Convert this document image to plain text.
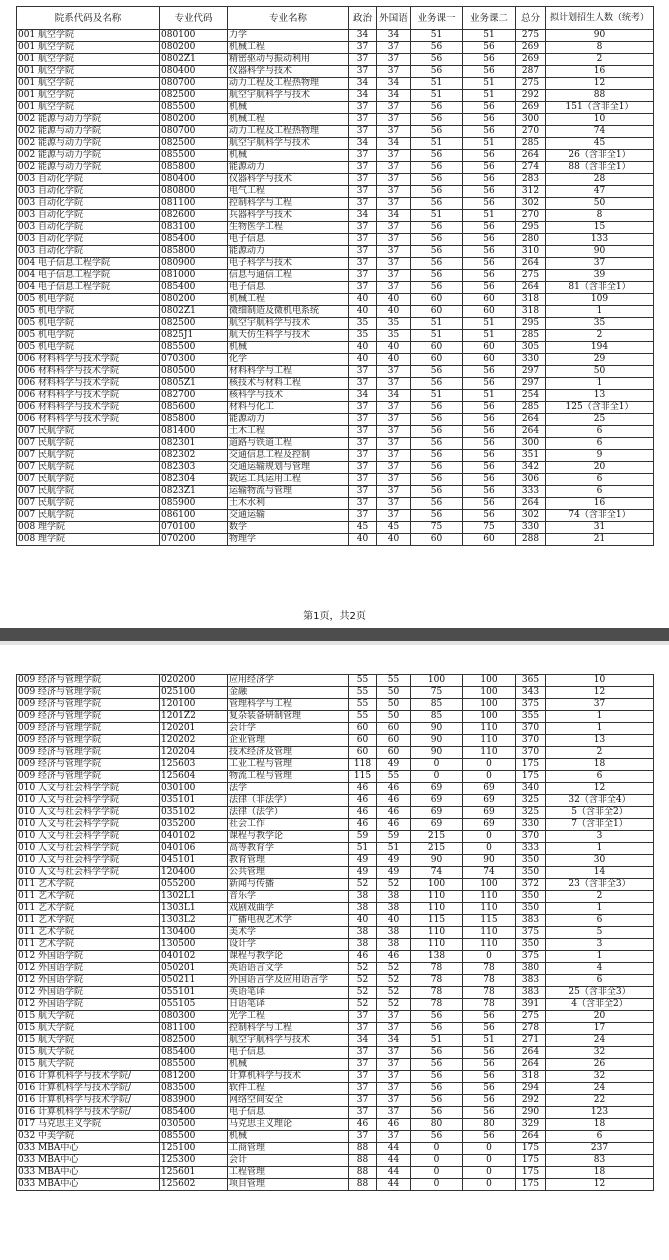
院系代码及名称	专业代码	专业名称	政治	外国语	业务课一	业务课二	总分	拟计划招生人数（统考）
001 航空学院	080100	力学	34	34	51	51	275	90
001 航空学院	080200	机械工程	37	37	56	56	269	8
001 航空学院	0802Z1	精密驱动与振动利用	37	37	56	56	269	2
001 航空学院	080400	仪器科学与技术	37	37	56	56	287	16
001 航空学院	080700	动力工程及工程热物理	34	34	51	51	275	12
001 航空学院	082500	航空宇航科学与技术	34	34	51	51	292	88
001 航空学院	085500	机械	37	37	56	56	269	151（含非全1）
002 能源与动力学院	080200	机械工程	37	37	56	56	300	10
002 能源与动力学院	080700	动力工程及工程热物理	37	37	56	56	270	74
002 能源与动力学院	082500	航空宇航科学与技术	34	34	51	51	285	45
002 能源与动力学院	085500	机械	37	37	56	56	264	26（含非全1）
002 能源与动力学院	085800	能源动力	37	37	56	56	274	88（含非全1）
003 自动化学院	080400	仪器科学与技术	37	37	56	56	283	28
003 自动化学院	080800	电气工程	37	37	56	56	312	47
003 自动化学院	081100	控制科学与工程	37	37	56	56	302	50
003 自动化学院	082600	兵器科学与技术	34	34	51	51	270	8
003 自动化学院	083100	生物医学工程	37	37	56	56	295	15
003 自动化学院	085400	电子信息	37	37	56	56	280	133
003 自动化学院	085800	能源动力	37	37	56	56	310	90
004 电子信息工程学院	080900	电子科学与技术	37	37	56	56	264	37
004 电子信息工程学院	081000	信息与通信工程	37	37	56	56	275	39
004 电子信息工程学院	085400	电子信息	37	37	56	56	264	81（含非全1）
005 机电学院	080200	机械工程	40	40	60	60	318	109
005 机电学院	0802Z1	微细制造及微机电系统	40	40	60	60	318	1
005 机电学院	082500	航空宇航科学与技术	35	35	51	51	295	35
005 机电学院	0825J1	航天仿生科学与技术	35	35	51	51	285	2
005 机电学院	085500	机械	40	40	60	60	305	194
006 材料科学与技术学院	070300	化学	40	40	60	60	330	29
006 材料科学与技术学院	080500	材料科学与工程	37	37	56	56	297	50
006 材料科学与技术学院	0805Z1	核技术与材料工程	37	37	56	56	297	1
006 材料科学与技术学院	082700	核科学与技术	34	34	51	51	254	13
006 材料科学与技术学院	085600	材料与化工	37	37	56	56	285	125（含非全1）
006 材料科学与技术学院	085800	能源动力	37	37	56	56	264	25
007 民航学院	081400	土木工程	37	37	56	56	264	6
007 民航学院	082301	道路与铁道工程	37	37	56	56	300	6
007 民航学院	082302	交通信息工程及控制	37	37	56	56	351	9
007 民航学院	082303	交通运输规划与管理	37	37	56	56	342	20
007 民航学院	082304	载运工具运用工程	37	37	56	56	306	6
007 民航学院	0823Z1	运输物流与管理	37	37	56	56	333	6
007 民航学院	085900	土木水利	37	37	56	56	264	16
007 民航学院	086100	交通运输	37	37	56	56	302	74（含非全1）
008 理学院	070100	数学	45	45	75	75	330	31
008 理学院	070200	物理学	40	40	60	60	288	21
第1页，共2页
009 经济与管理学院	020200	应用经济学	55	55	100	100	365	10
009 经济与管理学院	025100	金融	55	50	75	100	343	12
009 经济与管理学院	120100	管理科学与工程	55	50	85	100	375	37
009 经济与管理学院	1201Z2	复杂装备研制管理	55	50	85	100	355	1
009 经济与管理学院	120201	会计学	60	60	90	110	370	1
009 经济与管理学院	120202	企业管理	60	60	90	110	370	13
009 经济与管理学院	120204	技术经济及管理	60	60	90	110	370	2
009 经济与管理学院	125603	工业工程与管理	118	49	0	0	175	18
009 经济与管理学院	125604	物流工程与管理	115	55	0	0	175	6
010 人文与社会科学学院	030100	法学	46	46	69	69	340	12
010 人文与社会科学学院	035101	法律（非法学）	46	46	69	69	325	32（含非全4）
010 人文与社会科学学院	035102	法律（法学）	46	46	69	69	325	5（含非全2）
010 人文与社会科学学院	035200	社会工作	46	46	69	69	330	7（含非全1）
010 人文与社会科学学院	040102	课程与教学论	59	59	215	0	370	3
010 人文与社会科学学院	040106	高等教育学	51	51	215	0	333	1
010 人文与社会科学学院	045101	教育管理	49	49	90	90	350	30
010 人文与社会科学学院	120400	公共管理	49	49	74	74	350	14
011 艺术学院	055200	新闻与传播	52	52	100	100	372	23（含非全3）
011 艺术学院	1302L1	音乐学	38	38	110	110	350	2
011 艺术学院	1303L1	戏剧戏曲学	38	38	110	110	350	1
011 艺术学院	1303L2	广播电视艺术学	40	40	115	115	383	6
011 艺术学院	130400	美术学	38	38	110	110	375	5
011 艺术学院	130500	设计学	38	38	110	110	350	3
012 外国语学院	040102	课程与教学论	46	46	138	0	375	1
012 外国语学院	050201	英语语言文学	52	52	78	78	380	4
012 外国语学院	050211	外国语言学及应用语言学	52	52	78	78	383	6
012 外国语学院	055101	英语笔译	52	52	78	78	383	25（含非全3）
012 外国语学院	055105	日语笔译	52	52	78	78	391	4（含非全2）
015 航天学院	080300	光学工程	37	37	56	56	275	20
015 航天学院	081100	控制科学与工程	37	37	56	56	278	17
015 航天学院	082500	航空宇航科学与技术	34	34	51	51	271	24
015 航天学院	085400	电子信息	37	37	56	56	264	32
015 航天学院	085500	机械	37	37	56	56	264	26
016 计算机科学与技术学院/	081200	计算机科学与技术	37	37	56	56	318	32
016 计算机科学与技术学院/	083500	软件工程	37	37	56	56	294	24
016 计算机科学与技术学院/	083900	网络空间安全	37	37	56	56	292	22
016 计算机科学与技术学院/	085400	电子信息	37	37	56	56	290	123
017 马克思主义学院	030500	马克思主义理论	46	46	80	80	329	18
032 中美学院	085500	机械	37	37	56	56	264	6
033 MBA中心	125100	工商管理	88	44	0	0	175	237
033 MBA中心	125300	会计	88	44	0	0	175	83
033 MBA中心	125601	工程管理	88	44	0	0	175	18
033 MBA中心	125602	项目管理	88	44	0	0	175	12
